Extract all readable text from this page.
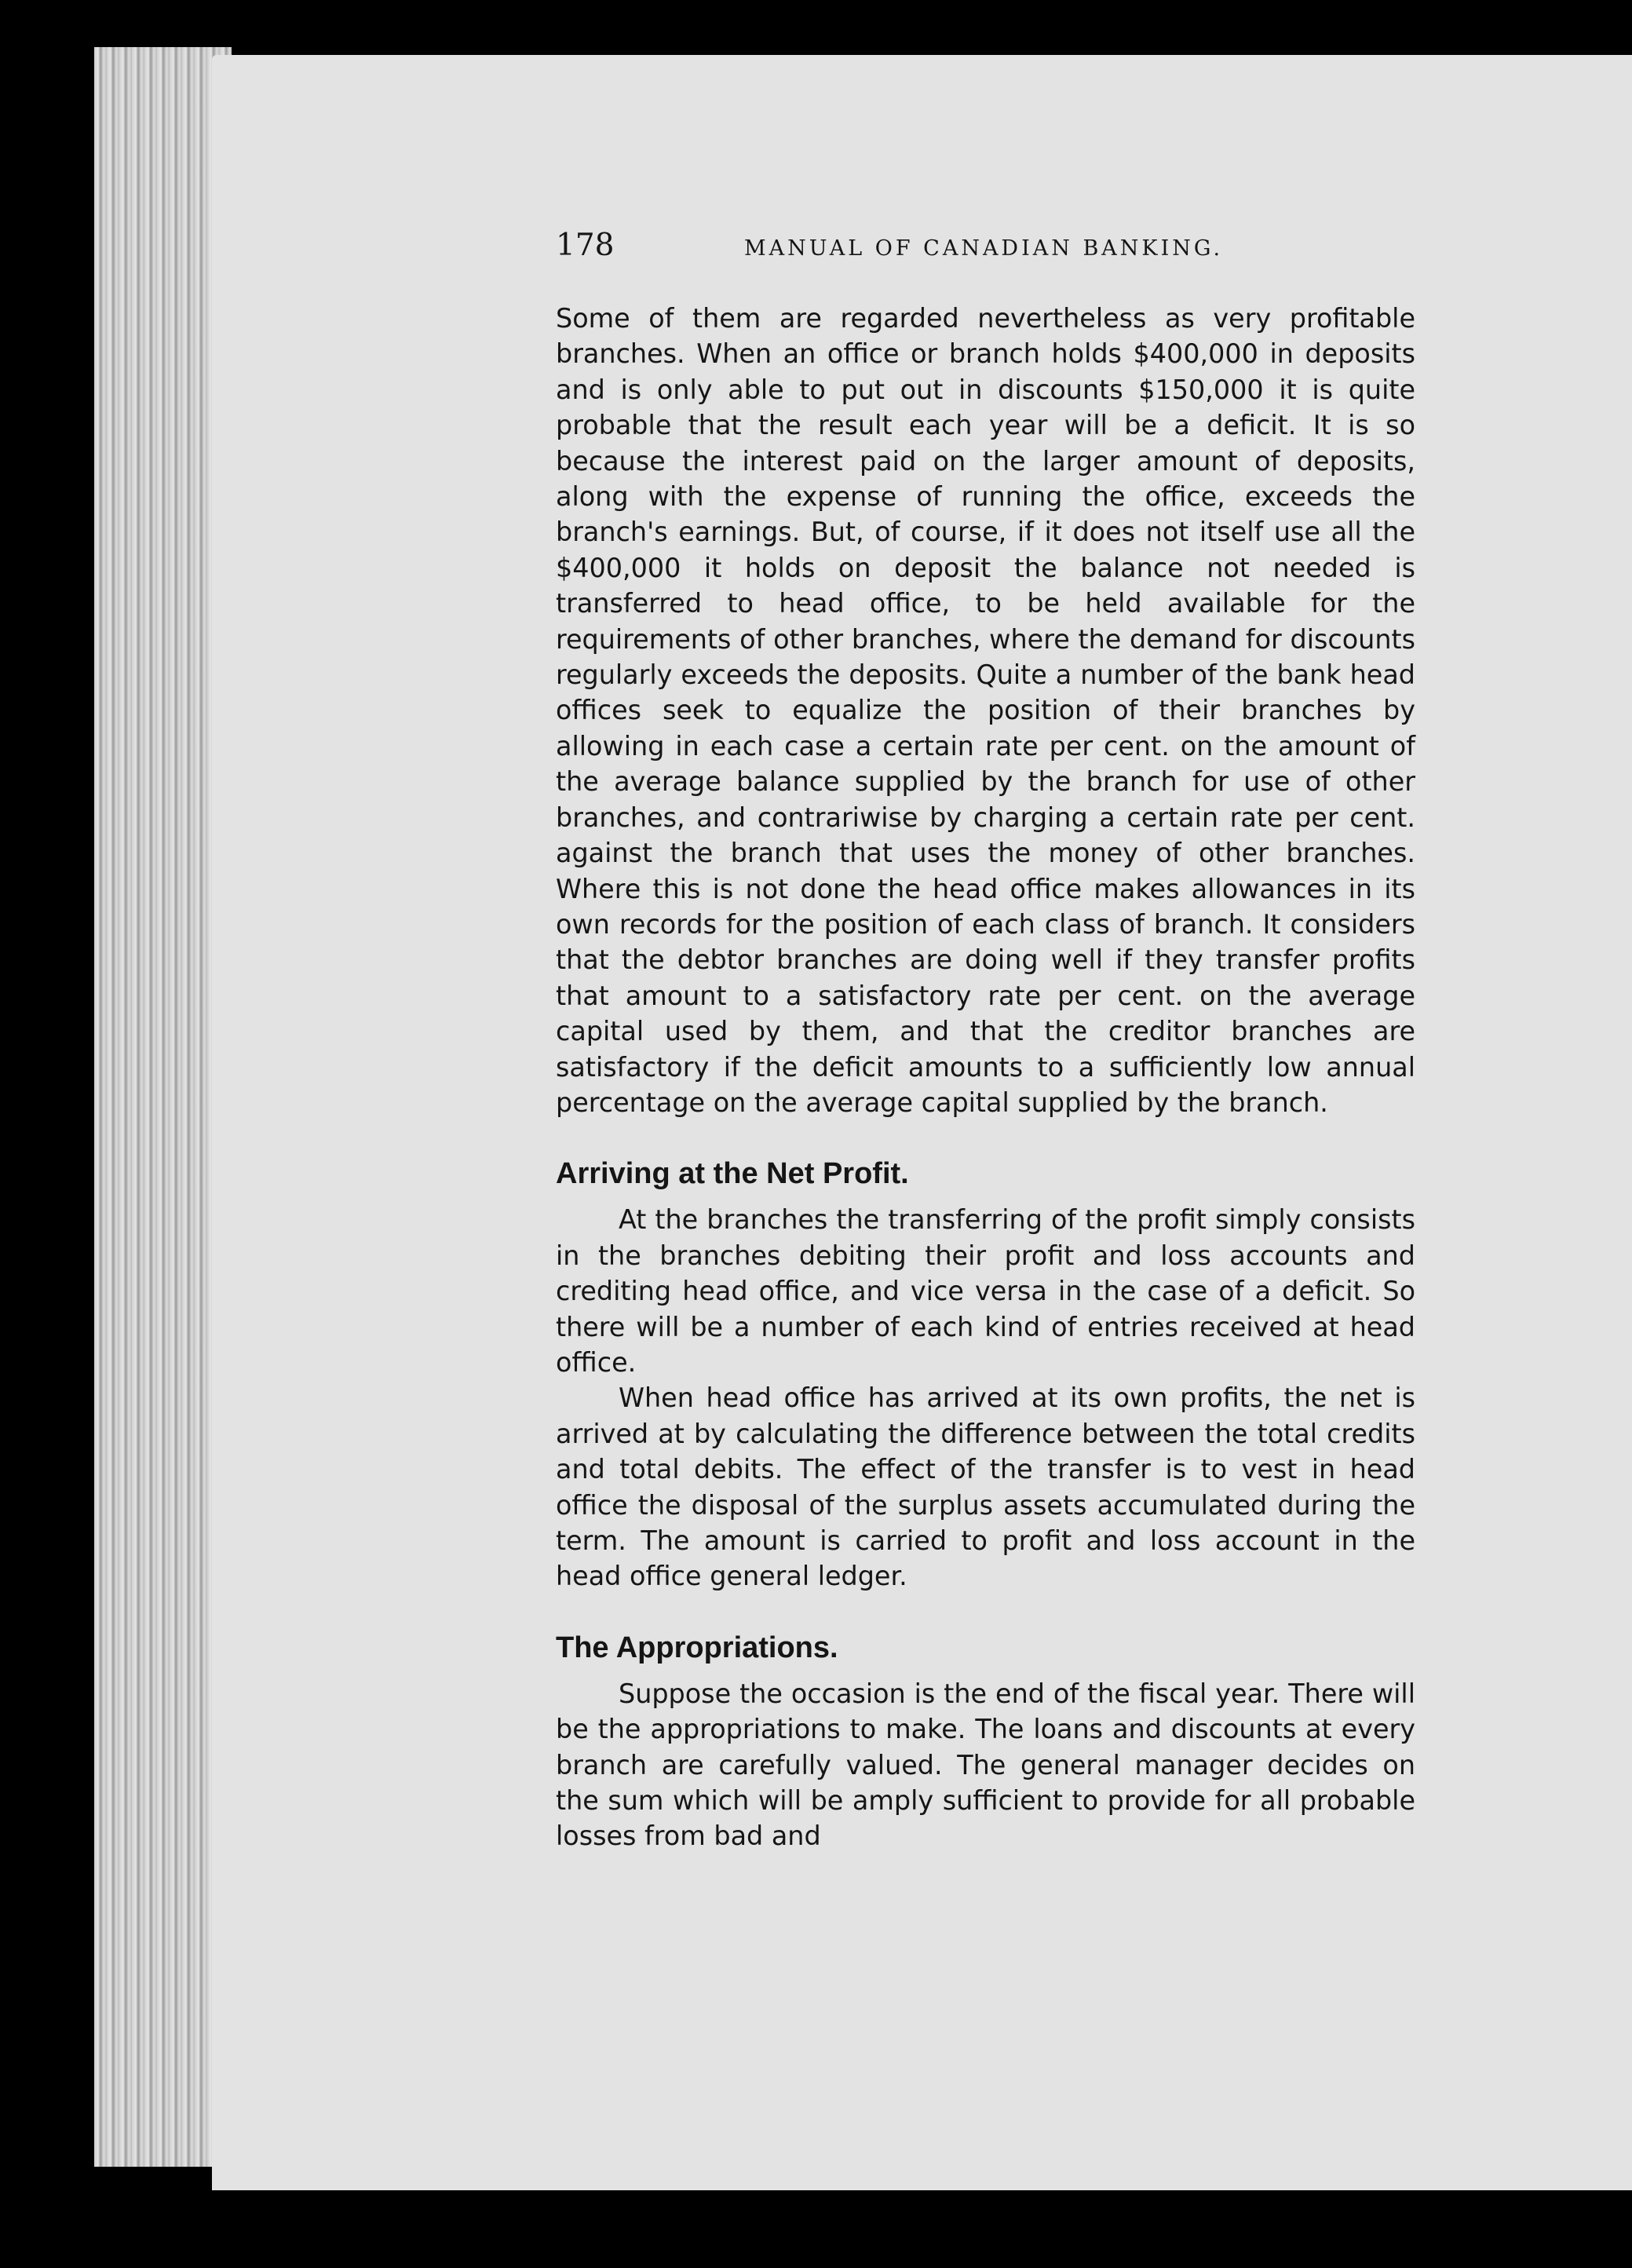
178	MANUAL OF CANADIAN BANKING.

Some of them are regarded nevertheless as very profitable branches. When an office or branch holds $400,000 in deposits and is only able to put out in discounts $150,000 it is quite probable that the result each year will be a deficit. It is so because the interest paid on the larger amount of deposits, along with the expense of running the office, exceeds the branch's earnings. But, of course, if it does not itself use all the $400,000 it holds on deposit the balance not needed is transferred to head office, to be held available for the requirements of other branches, where the demand for discounts regularly exceeds the deposits. Quite a number of the bank head offices seek to equalize the position of their branches by allowing in each case a certain rate per cent. on the amount of the average balance supplied by the branch for use of other branches, and contrariwise by charging a certain rate per cent. against the branch that uses the money of other branches. Where this is not done the head office makes allowances in its own records for the position of each class of branch. It considers that the debtor branches are doing well if they transfer profits that amount to a satisfactory rate per cent. on the average capital used by them, and that the creditor branches are satisfactory if the deficit amounts to a sufficiently low annual percentage on the average capital supplied by the branch.

Arriving at the Net Profit.

At the branches the transferring of the profit simply consists in the branches debiting their profit and loss accounts and crediting head office, and vice versa in the case of a deficit. So there will be a number of each kind of entries received at head office.

When head office has arrived at its own profits, the net is arrived at by calculating the difference between the total credits and total debits. The effect of the transfer is to vest in head office the disposal of the surplus assets accumulated during the term. The amount is carried to profit and loss account in the head office general ledger.

The Appropriations.

Suppose the occasion is the end of the fiscal year. There will be the appropriations to make. The loans and discounts at every branch are carefully valued. The general manager decides on the sum which will be amply sufficient to provide for all probable losses from bad and
